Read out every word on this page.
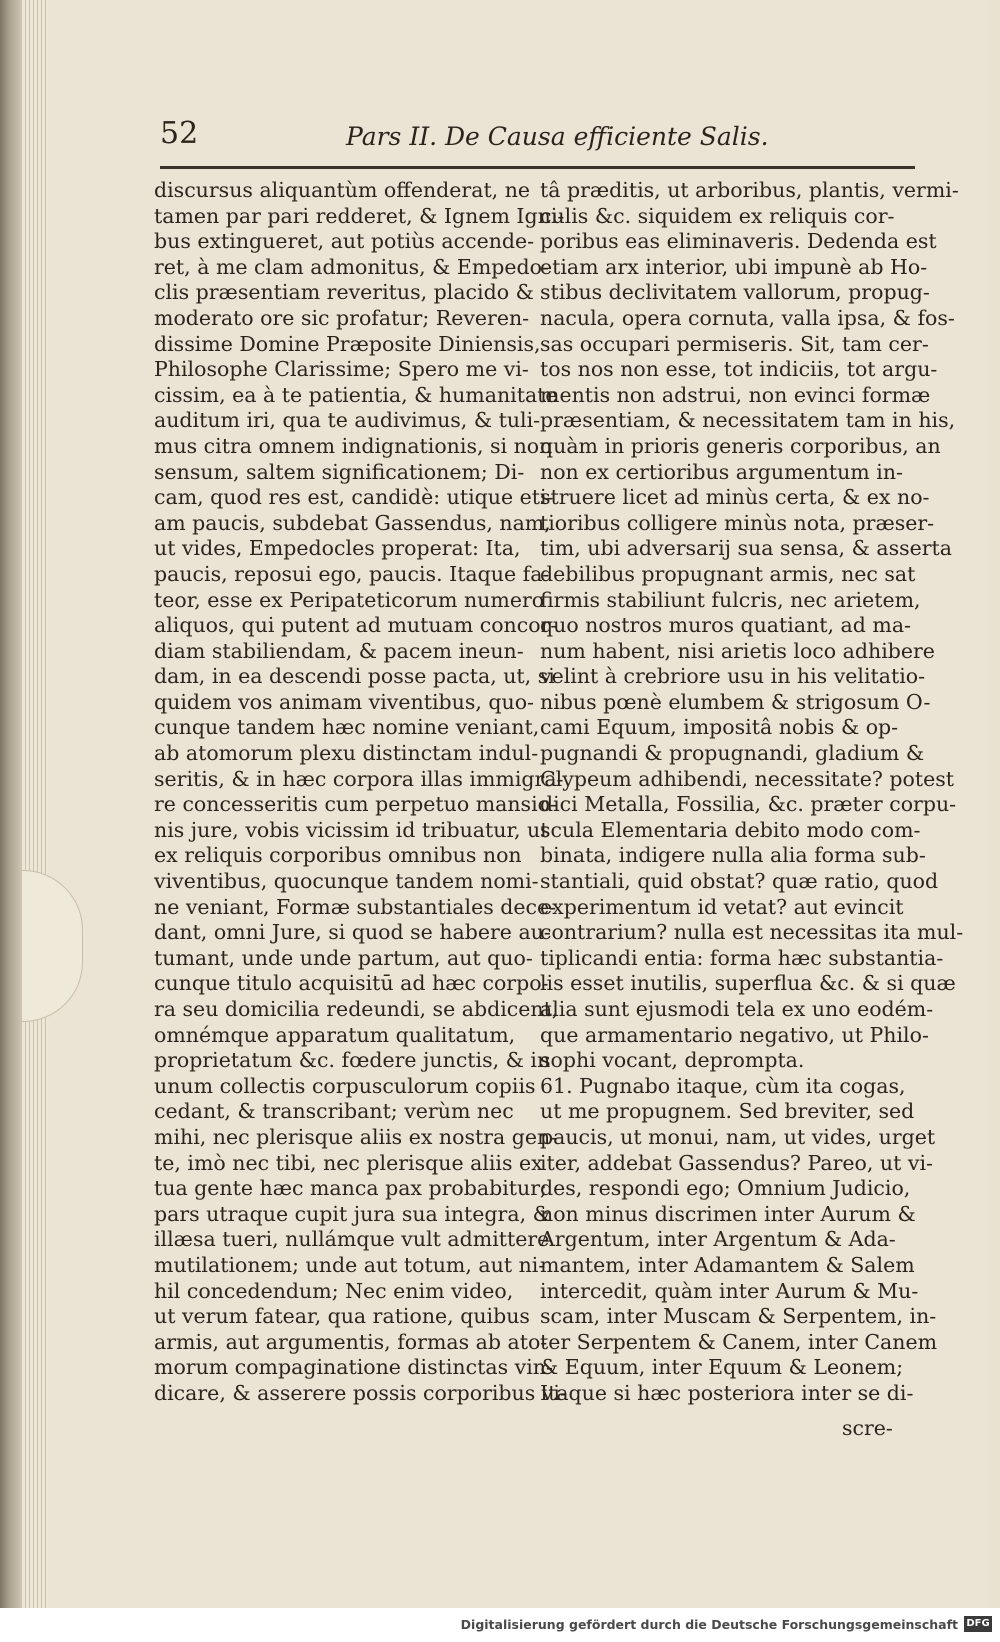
52	Pars II. De Causa efficiente Salis.
discursus aliquantùm offenderat, ne
tamen par pari redderet, & Ignem Igni-
bus extingueret, aut potiùs accende-
ret, à me clam admonitus, & Empedo-
clis præsentiam reveritus, placido &
moderato ore sic profatur; Reveren-
dissime Domine Præposite Diniensis,
Philosophe Clarissime; Spero me vi-
cissim, ea à te patientia, & humanitate
auditum iri, qua te audivimus, & tuli-
mus citra omnem indignationis, si non
sensum, saltem significationem; Di-
cam, quod res est, candidè: utique eti-
am paucis, subdebat Gassendus, nam,
ut vides, Empedocles properat: Ita,
paucis, reposui ego, paucis. Itaque fa-
teor, esse ex Peripateticorum numero
aliquos, qui putent ad mutuam concor-
diam stabiliendam, & pacem ineun-
dam, in ea descendi posse pacta, ut, si
quidem vos animam viventibus, quo-
cunque tandem hæc nomine veniant,
ab atomorum plexu distinctam indul-
seritis, & in hæc corpora illas immigra-
re concesseritis cum perpetuo mansio-
nis jure, vobis vicissim id tribuatur, ut
ex reliquis corporibus omnibus non
viventibus, quocunque tandem nomi-
ne veniant, Formæ substantiales dece-
dant, omni Jure, si quod se habere au-
tumant, unde unde partum, aut quo-
cunque titulo acquisitū ad hæc corpo-
ra seu domicilia redeundi, se abdicent,
omnémque apparatum qualitatum,
proprietatum &c. fœdere junctis, & in
unum collectis corpusculorum copiis
cedant, & transcribant; verùm nec
mihi, nec plerisque aliis ex nostra gen-
te, imò nec tibi, nec plerisque aliis ex
tua gente hæc manca pax probabitur;
pars utraque cupit jura sua integra, &
illæsa tueri, nullámque vult admittere
mutilationem; unde aut totum, aut ni-
hil concedendum; Nec enim video,
ut verum fatear, qua ratione, quibus
armis, aut argumentis, formas ab ato-
morum compaginatione distinctas vin-
dicare, & asserere possis corporibus vi-
tâ præditis, ut arboribus, plantis, vermi-
culis &c. siquidem ex reliquis cor-
poribus eas eliminaveris. Dedenda est
etiam arx interior, ubi impunè ab Ho-
stibus declivitatem vallorum, propug-
nacula, opera cornuta, valla ipsa, & fos-
sas occupari permiseris. Sit, tam cer-
tos nos non esse, tot indiciis, tot argu-
mentis non adstrui, non evinci formæ
præsentiam, & necessitatem tam in his,
quàm in prioris generis corporibus, an
non ex certioribus argumentum in-
struere licet ad minùs certa, & ex no-
tioribus colligere minùs nota, præser-
tim, ubi adversarij sua sensa, & asserta
debilibus propugnant armis, nec sat
firmis stabiliunt fulcris, nec arietem,
quo nostros muros quatiant, ad ma-
num habent, nisi arietis loco adhibere
velint à crebriore usu in his velitatio-
nibus pœnè elumbem & strigosum O-
cami Equum, impositâ nobis & op-
pugnandi & propugnandi, gladium &
Clypeum adhibendi, necessitate? potest
dici Metalla, Fossilia, &c. præter corpu-
scula Elementaria debito modo com-
binata, indigere nulla alia forma sub-
stantiali, quid obstat? quæ ratio, quod
experimentum id vetat? aut evincit
contrarium? nulla est necessitas ita mul-
tiplicandi entia: forma hæc substantia-
lis esset inutilis, superflua &c. & si quæ
alia sunt ejusmodi tela ex uno eodém-
que armamentario negativo, ut Philo-
sophi vocant, deprompta.
61. Pugnabo itaque, cùm ita cogas,
ut me propugnem. Sed breviter, sed
paucis, ut monui, nam, ut vides, urget
iter, addebat Gassendus? Pareo, ut vi-
des, respondi ego; Omnium Judicio,
non minus discrimen inter Aurum &
Argentum, inter Argentum & Ada-
mantem, inter Adamantem & Salem
intercedit, quàm inter Aurum & Mu-
scam, inter Muscam & Serpentem, in-
ter Serpentem & Canem, inter Canem
& Equum, inter Equum & Leonem;
Itaque si hæc posteriora inter se di-
scre-
Digitalisierung gefördert durch die Deutsche Forschungsgemeinschaft DFG
